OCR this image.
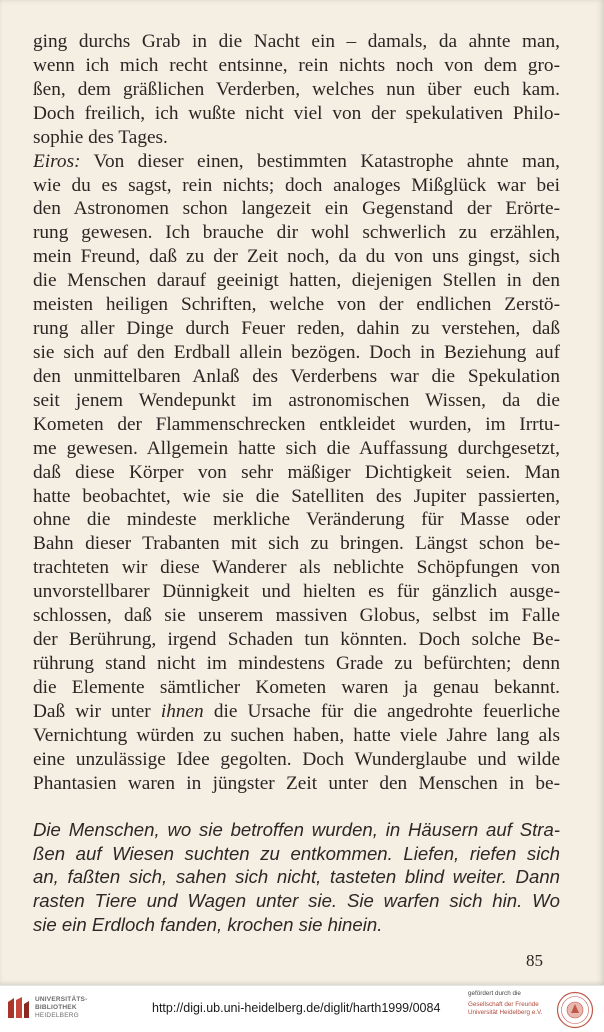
ging durchs Grab in die Nacht ein – damals, da ahnte man,
wenn ich mich recht entsinne, rein nichts noch von dem gro-
ßen, dem gräßlichen Verderben, welches nun über euch kam.
Doch freilich, ich wußte nicht viel von der spekulativen Philo-
sophie des Tages.
Eiros: Von dieser einen, bestimmten Katastrophe ahnte man,
wie du es sagst, rein nichts; doch analoges Mißglück war bei
den Astronomen schon langezeit ein Gegenstand der Erörte-
rung gewesen. Ich brauche dir wohl schwerlich zu erzählen,
mein Freund, daß zu der Zeit noch, da du von uns gingst, sich
die Menschen darauf geeinigt hatten, diejenigen Stellen in den
meisten heiligen Schriften, welche von der endlichen Zerstö-
rung aller Dinge durch Feuer reden, dahin zu verstehen, daß
sie sich auf den Erdball allein bezögen. Doch in Beziehung auf
den unmittelbaren Anlaß des Verderbens war die Spekulation
seit jenem Wendepunkt im astronomischen Wissen, da die
Kometen der Flammenschrecken entkleidet wurden, im Irrtu-
me gewesen. Allgemein hatte sich die Auffassung durchgesetzt,
daß diese Körper von sehr mäßiger Dichtigkeit seien. Man
hatte beobachtet, wie sie die Satelliten des Jupiter passierten,
ohne die mindeste merkliche Veränderung für Masse oder
Bahn dieser Trabanten mit sich zu bringen. Längst schon be-
trachteten wir diese Wanderer als neblichte Schöpfungen von
unvorstellbarer Dünnigkeit und hielten es für gänzlich ausge-
schlossen, daß sie unserem massiven Globus, selbst im Falle
der Berührung, irgend Schaden tun könnten. Doch solche Be-
rührung stand nicht im mindestens Grade zu befürchten; denn
die Elemente sämtlicher Kometen waren ja genau bekannt.
Daß wir unter ihnen die Ursache für die angedrohte feuerliche
Vernichtung würden zu suchen haben, hatte viele Jahre lang als
eine unzulässige Idee gegolten. Doch Wunderglaube und wilde
Phantasien waren in jüngster Zeit unter den Menschen in be-
Die Menschen, wo sie betroffen wurden, in Häusern auf Stra-
ßen auf Wiesen suchten zu entkommen. Liefen, riefen sich
an, faßten sich, sahen sich nicht, tasteten blind weiter. Dann
rasten Tiere und Wagen unter sie. Sie warfen sich hin. Wo
sie ein Erdloch fanden, krochen sie hinein.
85
UNIVERSITÄTS-
BIBLIOTHEK
HEIDELBERG
http://digi.ub.uni-heidelberg.de/diglit/harth1999/0084
gefördert durch die
Gesellschaft der Freunde
Universität Heidelberg e.V.
